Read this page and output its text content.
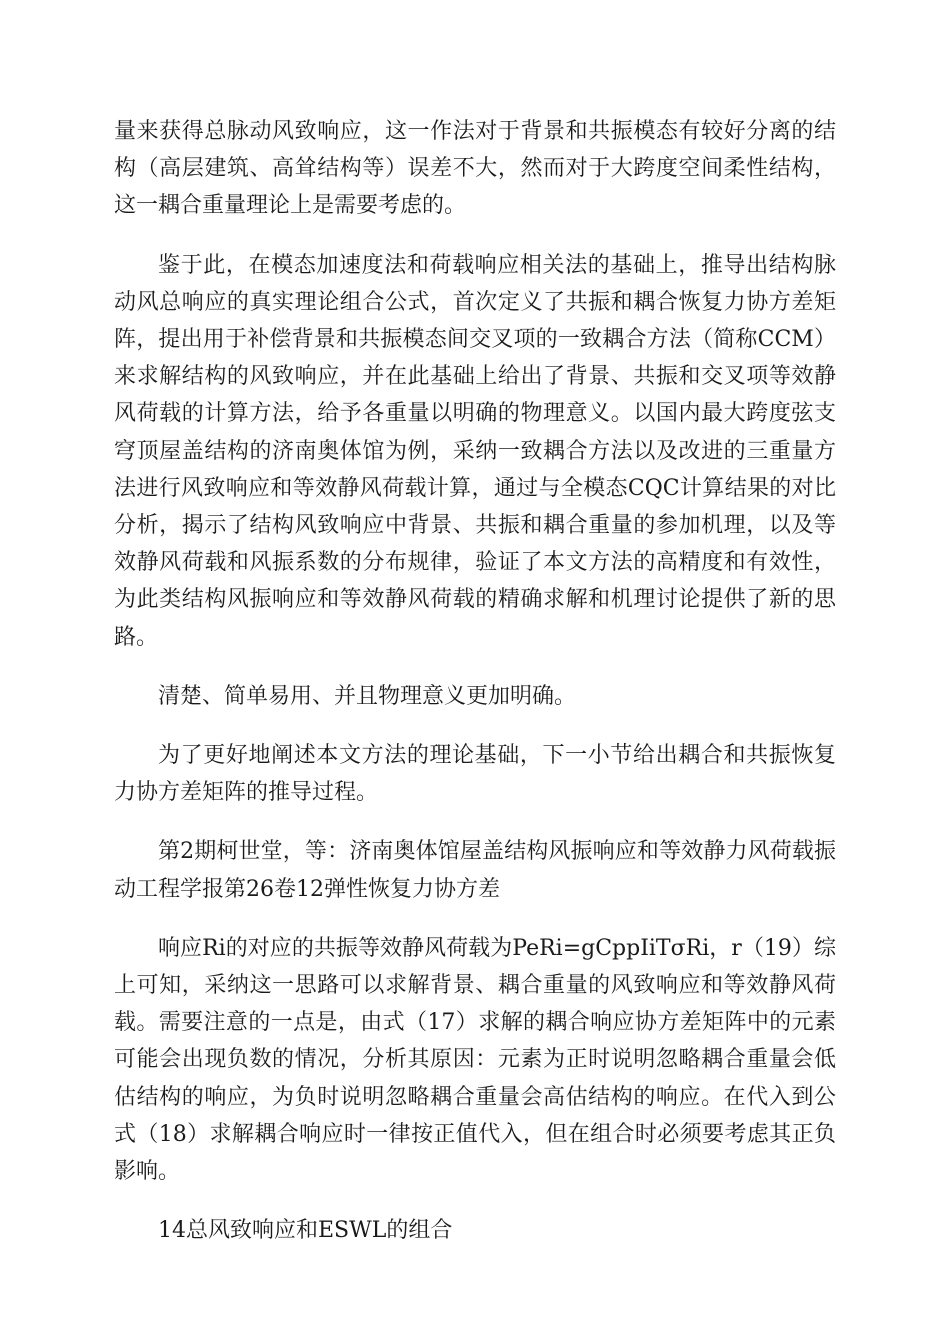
量来获得总脉动风致响应，这一作法对于背景和共振模态有较好分离的结构（高层建筑、高耸结构等）误差不大，然而对于大跨度空间柔性结构，这一耦合重量理论上是需要考虑的。

鉴于此，在模态加速度法和荷载响应相关法的基础上，推导出结构脉动风总响应的真实理论组合公式，首次定义了共振和耦合恢复力协方差矩阵，提出用于补偿背景和共振模态间交叉项的一致耦合方法（简称CCM）来求解结构的风致响应，并在此基础上给出了背景、共振和交叉项等效静风荷载的计算方法，给予各重量以明确的物理意义。以国内最大跨度弦支穹顶屋盖结构的济南奥体馆为例，采纳一致耦合方法以及改进的三重量方法进行风致响应和等效静风荷载计算，通过与全模态CQC计算结果的对比分析，揭示了结构风致响应中背景、共振和耦合重量的参加机理，以及等效静风荷载和风振系数的分布规律，验证了本文方法的高精度和有效性，为此类结构风振响应和等效静风荷载的精确求解和机理讨论提供了新的思路。

清楚、简单易用、并且物理意义更加明确。

为了更好地阐述本文方法的理论基础，下一小节给出耦合和共振恢复力协方差矩阵的推导过程。

第2期柯世堂，等：济南奥体馆屋盖结构风振响应和等效静力风荷载振动工程学报第26卷12弹性恢复力协方差

响应Ri的对应的共振等效静风荷载为PeRi=gCppIiTσRi，r（19）综上可知，采纳这一思路可以求解背景、耦合重量的风致响应和等效静风荷载。需要注意的一点是，由式（17）求解的耦合响应协方差矩阵中的元素可能会出现负数的情况，分析其原因：元素为正时说明忽略耦合重量会低估结构的响应，为负时说明忽略耦合重量会高估结构的响应。在代入到公式（18）求解耦合响应时一律按正值代入，但在组合时必须要考虑其正负影响。

14总风致响应和ESWL的组合
